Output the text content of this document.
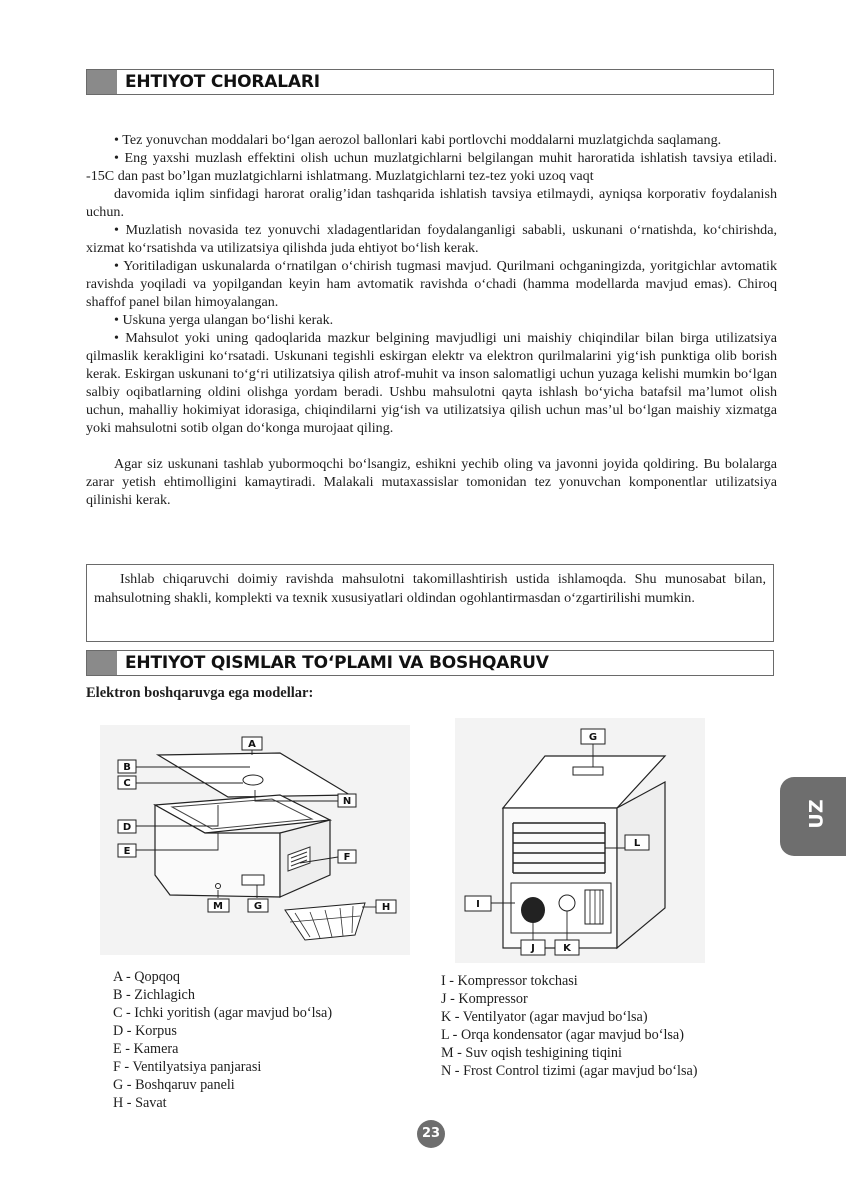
EHTIYOT CHORALARI

• Tez yonuvchan moddalari bo‘lgan aerozol ballonlari kabi portlovchi moddalarni muzlatgichda saqlamang.

• Eng yaxshi muzlash effektini olish uchun muzlatgichlarni belgilangan muhit haroratida ishlatish tavsiya etiladi. -15C dan past bo’lgan muzlatgichlarni ishlatmang. Muzlatgichlarni tez-tez yoki uzoq vaqt

davomida iqlim sinfidagi harorat oralig’idan tashqarida ishlatish tavsiya etilmaydi, ayniqsa korporativ foydalanish uchun.

• Muzlatish novasida tez yonuvchi xladagentlaridan foydalanganligi sababli, uskunani o‘rnatishda, ko‘chirishda, xizmat ko‘rsatishda va utilizatsiya qilishda juda ehtiyot bo‘lish kerak.

• Yoritiladigan uskunalarda o‘rnatilgan o‘chirish tugmasi mavjud. Qurilmani ochganingizda, yoritgichlar avtomatik ravishda yoqiladi va yopilgandan keyin ham avtomatik ravishda o‘chadi (hamma modellarda mavjud emas). Chiroq shaffof panel bilan himoyalangan.

• Uskuna yerga ulangan bo‘lishi kerak.

• Mahsulot yoki uning qadoqlarida mazkur belgining mavjudligi uni maishiy chiqindilar bilan birga utilizatsiya qilmaslik kerakligini ko‘rsatadi. Uskunani tegishli eskirgan elektr va elektron qurilmalarini yig‘ish punktiga olib borish kerak. Eskirgan uskunani to‘g‘ri utilizatsiya qilish atrof-muhit va inson salomatligi uchun yuzaga kelishi mumkin bo‘lgan salbiy oqibatlarning oldini olishga yordam beradi. Ushbu mahsulotni qayta ishlash bo‘yicha batafsil ma’lumot olish uchun, mahalliy hokimiyat idorasiga, chiqindilarni yig‘ish va utilizatsiya qilish uchun mas’ul bo‘lgan maishiy xizmatga yoki mahsulotni sotib olgan do‘konga murojaat qiling.

Agar siz uskunani tashlab yubormoqchi bo‘lsangiz, eshikni yechib oling va javonni joyida qoldiring. Bu bolalarga zarar yetish ehtimolligini kamaytiradi. Malakali mutaxassislar tomonidan tez yonuvchan komponentlar utilizatsiya qilinishi kerak.

Ishlab chiqaruvchi doimiy ravishda mahsulotni takomillashtirish ustida ishlamoqda. Shu munosabat bilan, mahsulotning shakli, komplekti va texnik xususiyatlari oldindan ogohlantirmasdan o‘zgartirilishi mumkin.

EHTIYOT QISMLAR TO‘PLAMI VA BOSHQARUV
Elektron boshqaruvga ega modellar:
A
B
C
D
E
N
F
M	G	H
G
L
I
J	K
A - Qopqoq
B - Zichlagich
C - Ichki yoritish (agar mavjud bo‘lsa)
D - Korpus
E - Kamera
F - Ventilyatsiya panjarasi
G - Boshqaruv paneli
H - Savat
I - Kompressor tokchasi
J - Kompressor
K - Ventilyator (agar mavjud bo‘lsa)
L - Orqa kondensator (agar mavjud bo‘lsa)
M - Suv oqish teshigining tiqini
N - Frost Control tizimi (agar mavjud bo‘lsa)
UZ
23
